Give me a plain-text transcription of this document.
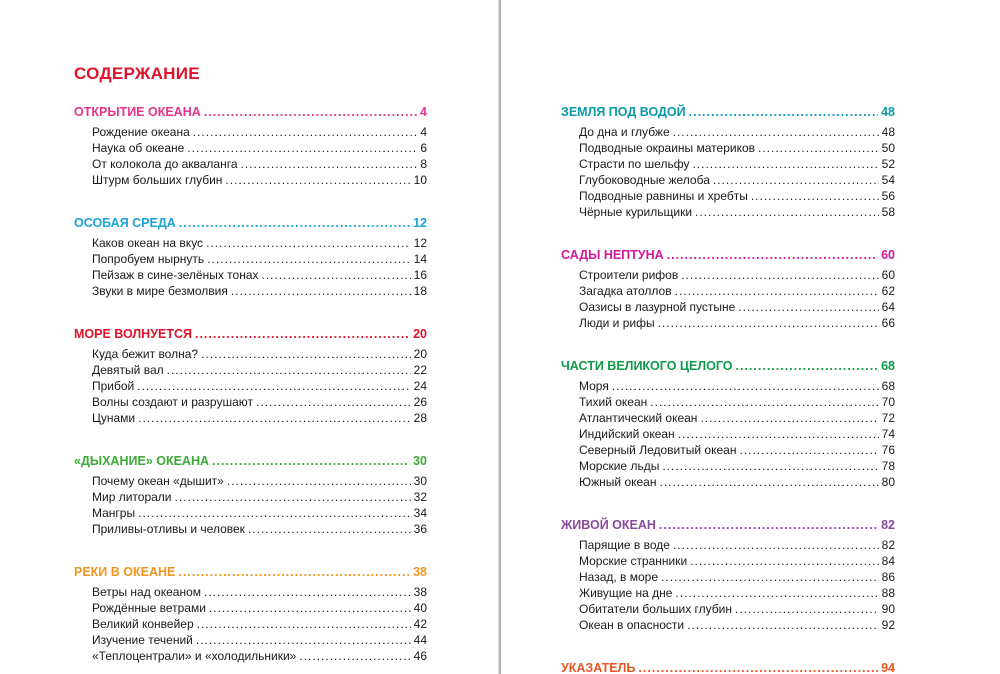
СОДЕРЖАНИЕ
ОТКРЫТИЕ ОКЕАНА .....	4
Рождение океана .....	4
Наука об океане .....	6
От колокола до акваланга .....	8
Штурм больших глубин .....	10
ОСОБАЯ СРЕДА .....	12
Каков океан на вкус .....	12
Попробуем нырнуть .....	14
Пейзаж в сине-зелёных тонах .....	16
Звуки в мире безмолвия .....	18
МОРЕ ВОЛНУЕТСЯ .....	20
Куда бежит волна? .....	20
Девятый вал .....	22
Прибой .....	24
Волны создают и разрушают .....	26
Цунами .....	28
«ДЫХАНИЕ» ОКЕАНА .....	30
Почему океан «дышит» .....	30
Мир литорали .....	32
Мангры .....	34
Приливы-отливы и человек .....	36
РЕКИ В ОКЕАНЕ .....	38
Ветры над океаном .....	38
Рождённые ветрами .....	40
Великий конвейер .....	42
Изучение течений .....	44
«Теплоцентрали» и «холодильники» .....	46
ЗЕМЛЯ ПОД ВОДОЙ .....	48
До дна и глубже .....	48
Подводные окраины материков .....	50
Страсти по шельфу .....	52
Глубоководные желоба .....	54
Подводные равнины и хребты .....	56
Чёрные курильщики .....	58
САДЫ НЕПТУНА .....	60
Строители рифов .....	60
Загадка атоллов .....	62
Оазисы в лазурной пустыне .....	64
Люди и рифы .....	66
ЧАСТИ ВЕЛИКОГО ЦЕЛОГО .....	68
Моря .....	68
Тихий океан .....	70
Атлантический океан .....	72
Индийский океан .....	74
Северный Ледовитый океан .....	76
Морские льды .....	78
Южный океан .....	80
ЖИВОЙ ОКЕАН .....	82
Парящие в воде .....	82
Морские странники .....	84
Назад, в море .....	86
Живущие на дне .....	88
Обитатели больших глубин .....	90
Океан в опасности .....	92
УКАЗАТЕЛЬ .....	94
